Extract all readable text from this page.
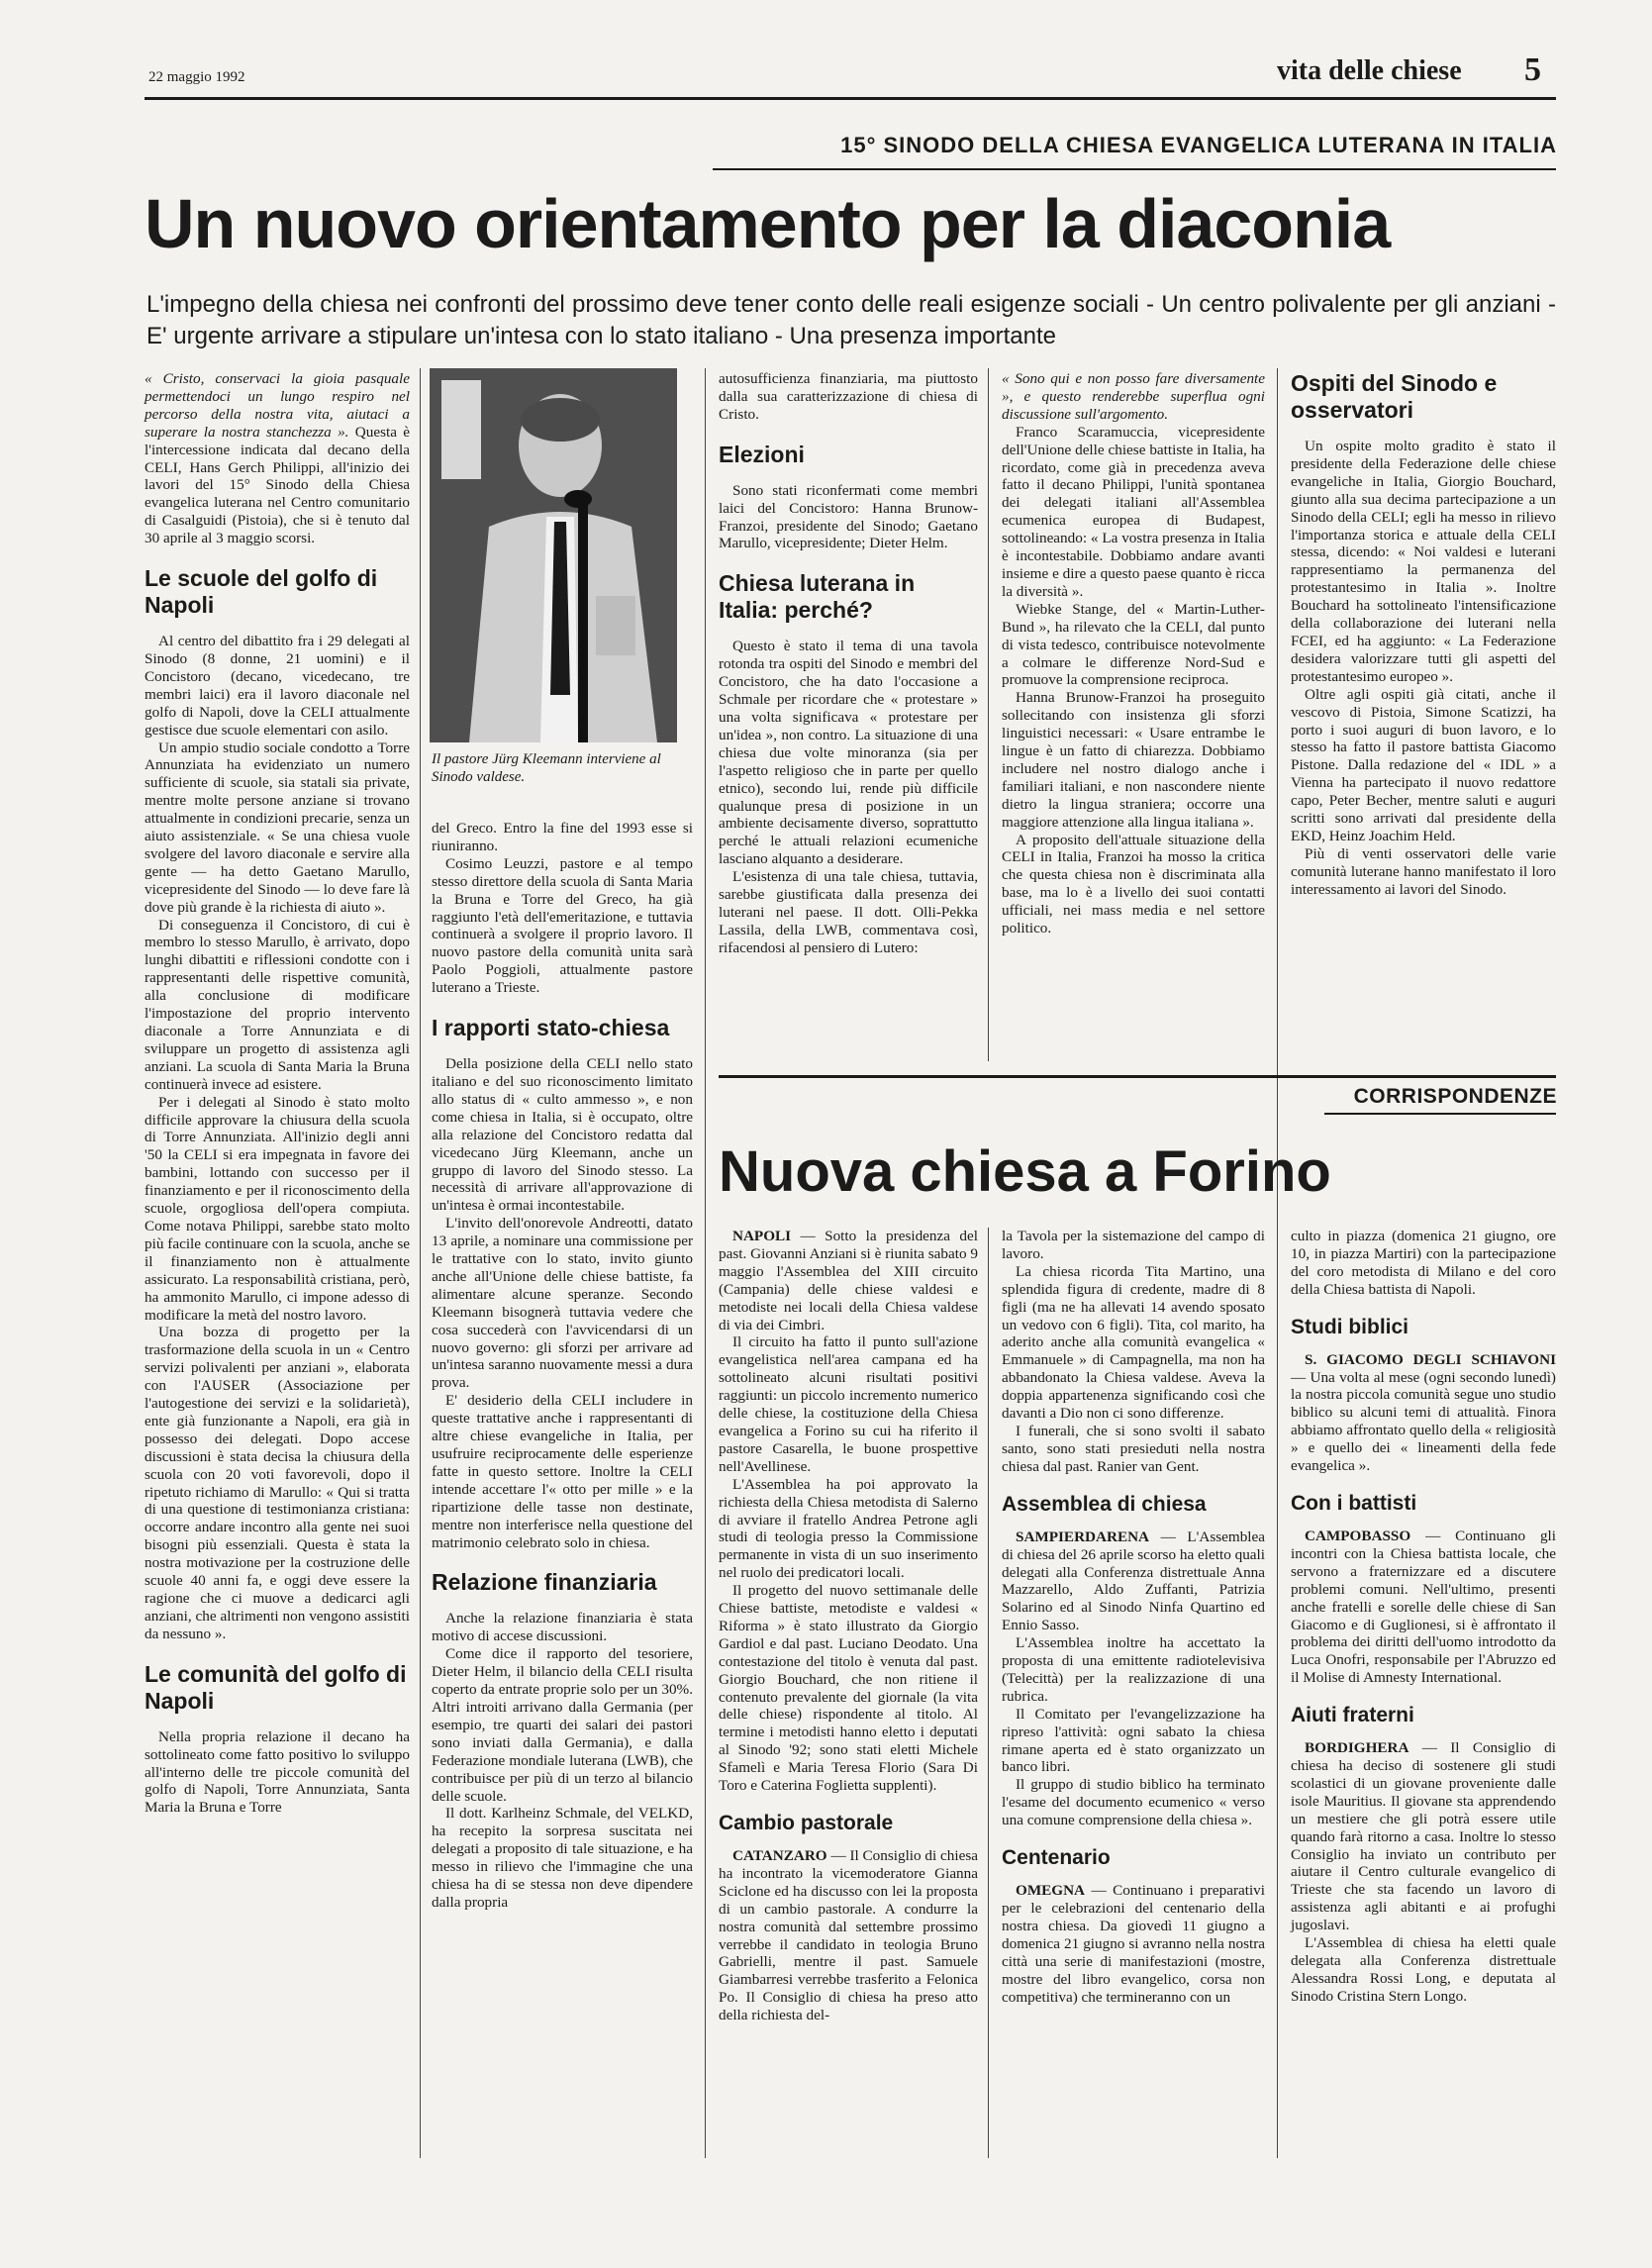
22 maggio 1992	vita delle chiese 5
15° SINODO DELLA CHIESA EVANGELICA LUTERANA IN ITALIA
Un nuovo orientamento per la diaconia
L'impegno della chiesa nei confronti del prossimo deve tener conto delle reali esigenze sociali - Un centro polivalente per gli anziani - E' urgente arrivare a stipulare un'intesa con lo stato italiano - Una presenza importante

« Cristo, conservaci la gioia pasquale permettendoci un lungo respiro nel percorso della nostra vita, aiutaci a superare la nostra stanchezza ». Questa è l'intercessione indicata dal decano della CELI, Hans Gerch Philippi, all'inizio dei lavori del 15° Sinodo della Chiesa evangelica luterana nel Centro comunitario di Casalguidi (Pistoia), che si è tenuto dal 30 aprile al 3 maggio scorsi.

Le scuole del golfo di Napoli

Al centro del dibattito fra i 29 delegati al Sinodo (8 donne, 21 uomini) e il Concistoro (decano, vicedecano, tre membri laici) era il lavoro diaconale nel golfo di Napoli, dove la CELI attualmente gestisce due scuole elementari con asilo.

Un ampio studio sociale condotto a Torre Annunziata ha evidenziato un numero sufficiente di scuole, sia statali sia private, mentre molte persone anziane si trovano attualmente in condizioni precarie, senza un aiuto assistenziale. « Se una chiesa vuole svolgere del lavoro diaconale e servire alla gente — ha detto Gaetano Marullo, vicepresidente del Sinodo — lo deve fare là dove più grande è la richiesta di aiuto ».

Di conseguenza il Concistoro, di cui è membro lo stesso Marullo, è arrivato, dopo lunghi dibattiti e riflessioni condotte con i rappresentanti delle rispettive comunità, alla conclusione di modificare l'impostazione del proprio intervento diaconale a Torre Annunziata e di sviluppare un progetto di assistenza agli anziani. La scuola di Santa Maria la Bruna continuerà invece ad esistere.

Per i delegati al Sinodo è stato molto difficile approvare la chiusura della scuola di Torre Annunziata. All'inizio degli anni '50 la CELI si era impegnata in favore dei bambini, lottando con successo per il finanziamento e per il riconoscimento della scuole, orgogliosa dell'opera compiuta. Come notava Philippi, sarebbe stato molto più facile continuare con la scuola, anche se il finanziamento non è attualmente assicurato. La responsabilità cristiana, però, ha ammonito Marullo, ci impone adesso di modificare la metà del nostro lavoro.

Una bozza di progetto per la trasformazione della scuola in un « Centro servizi polivalenti per anziani », elaborata con l'AUSER (Associazione per l'autogestione dei servizi e la solidarietà), ente già funzionante a Napoli, era già in possesso dei delegati. Dopo accese discussioni è stata decisa la chiusura della scuola con 20 voti favorevoli, dopo il ripetuto richiamo di Marullo: « Qui si tratta di una questione di testimonianza cristiana: occorre andare incontro alla gente nei suoi bisogni più essenziali. Questa è stata la nostra motivazione per la costruzione delle scuole 40 anni fa, e oggi deve essere la ragione che ci muove a dedicarci agli anziani, che altrimenti non vengono assistiti da nessuno ».

Le comunità del golfo di Napoli

Nella propria relazione il decano ha sottolineato come fatto positivo lo sviluppo all'interno delle tre piccole comunità del golfo di Napoli, Torre Annunziata, Santa Maria la Bruna e Torre

Il pastore Jürg Kleemann interviene al Sinodo valdese.

del Greco. Entro la fine del 1993 esse si riuniranno.

Cosimo Leuzzi, pastore e al tempo stesso direttore della scuola di Santa Maria la Bruna e Torre del Greco, ha già raggiunto l'età dell'emeritazione, e tuttavia continuerà a svolgere il proprio lavoro. Il nuovo pastore della comunità unita sarà Paolo Poggioli, attualmente pastore luterano a Trieste.

I rapporti stato-chiesa

Della posizione della CELI nello stato italiano e del suo riconoscimento limitato allo status di « culto ammesso », e non come chiesa in Italia, si è occupato, oltre alla relazione del Concistoro redatta dal vicedecano Jürg Kleemann, anche un gruppo di lavoro del Sinodo stesso. La necessità di arrivare all'approvazione di un'intesa è ormai incontestabile.

L'invito dell'onorevole Andreotti, datato 13 aprile, a nominare una commissione per le trattative con lo stato, invito giunto anche all'Unione delle chiese battiste, fa alimentare alcune speranze. Secondo Kleemann bisognerà tuttavia vedere che cosa succederà con l'avvicendarsi di un nuovo governo: gli sforzi per arrivare ad un'intesa saranno nuovamente messi a dura prova.

E' desiderio della CELI includere in queste trattative anche i rappresentanti di altre chiese evangeliche in Italia, per usufruire reciprocamente delle esperienze fatte in questo settore. Inoltre la CELI intende accettare l'« otto per mille » e la ripartizione delle tasse non destinate, mentre non interferisce nella questione del matrimonio celebrato solo in chiesa.

Relazione finanziaria

Anche la relazione finanziaria è stata motivo di accese discussioni.

Come dice il rapporto del tesoriere, Dieter Helm, il bilancio della CELI risulta coperto da entrate proprie solo per un 30%. Altri introiti arrivano dalla Germania (per esempio, tre quarti dei salari dei pastori sono inviati dalla Germania), e dalla Federazione mondiale luterana (LWB), che contribuisce per più di un terzo al bilancio delle scuole.

Il dott. Karlheinz Schmale, del VELKD, ha recepito la sorpresa suscitata nei delegati a proposito di tale situazione, e ha messo in rilievo che l'immagine che una chiesa ha di se stessa non deve dipendere dalla propria

autosufficienza finanziaria, ma piuttosto dalla sua caratterizzazione di chiesa di Cristo.

Elezioni

Sono stati riconfermati come membri laici del Concistoro: Hanna Brunow-Franzoi, presidente del Sinodo; Gaetano Marullo, vicepresidente; Dieter Helm.

Chiesa luterana in Italia: perché?

Questo è stato il tema di una tavola rotonda tra ospiti del Sinodo e membri del Concistoro, che ha dato l'occasione a Schmale per ricordare che « protestare » una volta significava « protestare per un'idea », non contro. La situazione di una chiesa due volte minoranza (sia per l'aspetto religioso che in parte per quello etnico), secondo lui, rende più difficile qualunque presa di posizione in un ambiente decisamente diverso, soprattutto perché le attuali relazioni ecumeniche lasciano alquanto a desiderare.

L'esistenza di una tale chiesa, tuttavia, sarebbe giustificata dalla presenza dei luterani nel paese. Il dott. Olli-Pekka Lassila, della LWB, commentava così, rifacendosi al pensiero di Lutero:

« Sono qui e non posso fare diversamente », e questo renderebbe superflua ogni discussione sull'argomento.

Franco Scaramuccia, vicepresidente dell'Unione delle chiese battiste in Italia, ha ricordato, come già in precedenza aveva fatto il decano Philippi, l'unità spontanea dei delegati italiani all'Assemblea ecumenica europea di Budapest, sottolineando: « La vostra presenza in Italia è incontestabile. Dobbiamo andare avanti insieme e dire a questo paese quanto è ricca la diversità ».

Wiebke Stange, del « Martin-Luther-Bund », ha rilevato che la CELI, dal punto di vista tedesco, contribuisce notevolmente a colmare le differenze Nord-Sud e promuove la comprensione reciproca.

Hanna Brunow-Franzoi ha proseguito sollecitando con insistenza gli sforzi linguistici necessari: « Usare entrambe le lingue è un fatto di chiarezza. Dobbiamo includere nel nostro dialogo anche i familiari italiani, e non nascondere niente dietro la lingua straniera; occorre una maggiore attenzione alla lingua italiana ».

A proposito dell'attuale situazione della CELI in Italia, Franzoi ha mosso la critica che questa chiesa non è discriminata alla base, ma lo è a livello dei suoi contatti ufficiali, nei mass media e nel settore politico.

Ospiti del Sinodo e osservatori

Un ospite molto gradito è stato il presidente della Federazione delle chiese evangeliche in Italia, Giorgio Bouchard, giunto alla sua decima partecipazione a un Sinodo della CELI; egli ha messo in rilievo l'importanza storica e attuale della CELI stessa, dicendo: « Noi valdesi e luterani rappresentiamo la permanenza del protestantesimo in Italia ». Inoltre Bouchard ha sottolineato l'intensificazione della collaborazione dei luterani nella FCEI, ed ha aggiunto: « La Federazione desidera valorizzare tutti gli aspetti del protestantesimo europeo ».

Oltre agli ospiti già citati, anche il vescovo di Pistoia, Simone Scatizzi, ha porto i suoi auguri di buon lavoro, e lo stesso ha fatto il pastore battista Giacomo Pistone. Dalla redazione del « IDL » a Vienna ha partecipato il nuovo redattore capo, Peter Becher, mentre saluti e auguri scritti sono arrivati dal presidente della EKD, Heinz Joachim Held.

Più di venti osservatori delle varie comunità luterane hanno manifestato il loro interessamento ai lavori del Sinodo.

CORRISPONDENZE
Nuova chiesa a Forino

NAPOLI — Sotto la presidenza del past. Giovanni Anziani si è riunita sabato 9 maggio l'Assemblea del XIII circuito (Campania) delle chiese valdesi e metodiste nei locali della Chiesa valdese di via dei Cimbri.

Il circuito ha fatto il punto sull'azione evangelistica nell'area campana ed ha sottolineato alcuni risultati positivi raggiunti: un piccolo incremento numerico delle chiese, la costituzione della Chiesa evangelica a Forino su cui ha riferito il pastore Casarella, le buone prospettive nell'Avellinese.

L'Assemblea ha poi approvato la richiesta della Chiesa metodista di Salerno di avviare il fratello Andrea Petrone agli studi di teologia presso la Commissione permanente in vista di un suo inserimento nel ruolo dei predicatori locali.

Il progetto del nuovo settimanale delle Chiese battiste, metodiste e valdesi « Riforma » è stato illustrato da Giorgio Gardiol e dal past. Luciano Deodato. Una contestazione del titolo è venuta dal past. Giorgio Bouchard, che non ritiene il contenuto prevalente del giornale (la vita delle chiese) rispondente al titolo. Al termine i metodisti hanno eletto i deputati al Sinodo '92; sono stati eletti Michele Sfamelì e Maria Teresa Florio (Sara Di Toro e Caterina Foglietta supplenti).

Cambio pastorale

CATANZARO — Il Consiglio di chiesa ha incontrato la vicemoderatore Gianna Sciclone ed ha discusso con lei la proposta di un cambio pastorale. A condurre la nostra comunità dal settembre prossimo verrebbe il candidato in teologia Bruno Gabrielli, mentre il past. Samuele Giambarresi verrebbe trasferito a Felonica Po. Il Consiglio di chiesa ha preso atto della richiesta del-

la Tavola per la sistemazione del campo di lavoro.

La chiesa ricorda Tita Martino, una splendida figura di credente, madre di 8 figli (ma ne ha allevati 14 avendo sposato un vedovo con 6 figli). Tita, col marito, ha aderito anche alla comunità evangelica « Emmanuele » di Campagnella, ma non ha abbandonato la Chiesa valdese. Aveva la doppia appartenenza significando così che davanti a Dio non ci sono differenze.

I funerali, che si sono svolti il sabato santo, sono stati presieduti nella nostra chiesa dal past. Ranier van Gent.

Assemblea di chiesa

SAMPIERDARENA — L'Assemblea di chiesa del 26 aprile scorso ha eletto quali delegati alla Conferenza distrettuale Anna Mazzarello, Aldo Zuffanti, Patrizia Solarino ed al Sinodo Ninfa Quartino ed Ennio Sasso.

L'Assemblea inoltre ha accettato la proposta di una emittente radiotelevisiva (Telecittà) per la realizzazione di una rubrica.

Il Comitato per l'evangelizzazione ha ripreso l'attività: ogni sabato la chiesa rimane aperta ed è stato organizzato un banco libri.

Il gruppo di studio biblico ha terminato l'esame del documento ecumenico « verso una comune comprensione della chiesa ».

Centenario

OMEGNA — Continuano i preparativi per le celebrazioni del centenario della nostra chiesa. Da giovedì 11 giugno a domenica 21 giugno si avranno nella nostra città una serie di manifestazioni (mostre, mostre del libro evangelico, corsa non competitiva) che termineranno con un

culto in piazza (domenica 21 giugno, ore 10, in piazza Martiri) con la partecipazione del coro metodista di Milano e del coro della Chiesa battista di Napoli.

Studi biblici

S. GIACOMO DEGLI SCHIAVONI — Una volta al mese (ogni secondo lunedì) la nostra piccola comunità segue uno studio biblico su alcuni temi di attualità. Finora abbiamo affrontato quello della « religiosità » e quello dei « lineamenti della fede evangelica ».

Con i battisti

CAMPOBASSO — Continuano gli incontri con la Chiesa battista locale, che servono a fraternizzare ed a discutere problemi comuni. Nell'ultimo, presenti anche fratelli e sorelle delle chiese di San Giacomo e di Guglionesi, si è affrontato il problema dei diritti dell'uomo introdotto da Luca Onofri, responsabile per l'Abruzzo ed il Molise di Amnesty International.

Aiuti fraterni

BORDIGHERA — Il Consiglio di chiesa ha deciso di sostenere gli studi scolastici di un giovane proveniente dalle isole Mauritius. Il giovane sta apprendendo un mestiere che gli potrà essere utile quando farà ritorno a casa. Inoltre lo stesso Consiglio ha inviato un contributo per aiutare il Centro culturale evangelico di Trieste che sta facendo un lavoro di assistenza agli abitanti e ai profughi jugoslavi.

L'Assemblea di chiesa ha eletti quale delegata alla Conferenza distrettuale Alessandra Rossi Long, e deputata al Sinodo Cristina Stern Longo.
